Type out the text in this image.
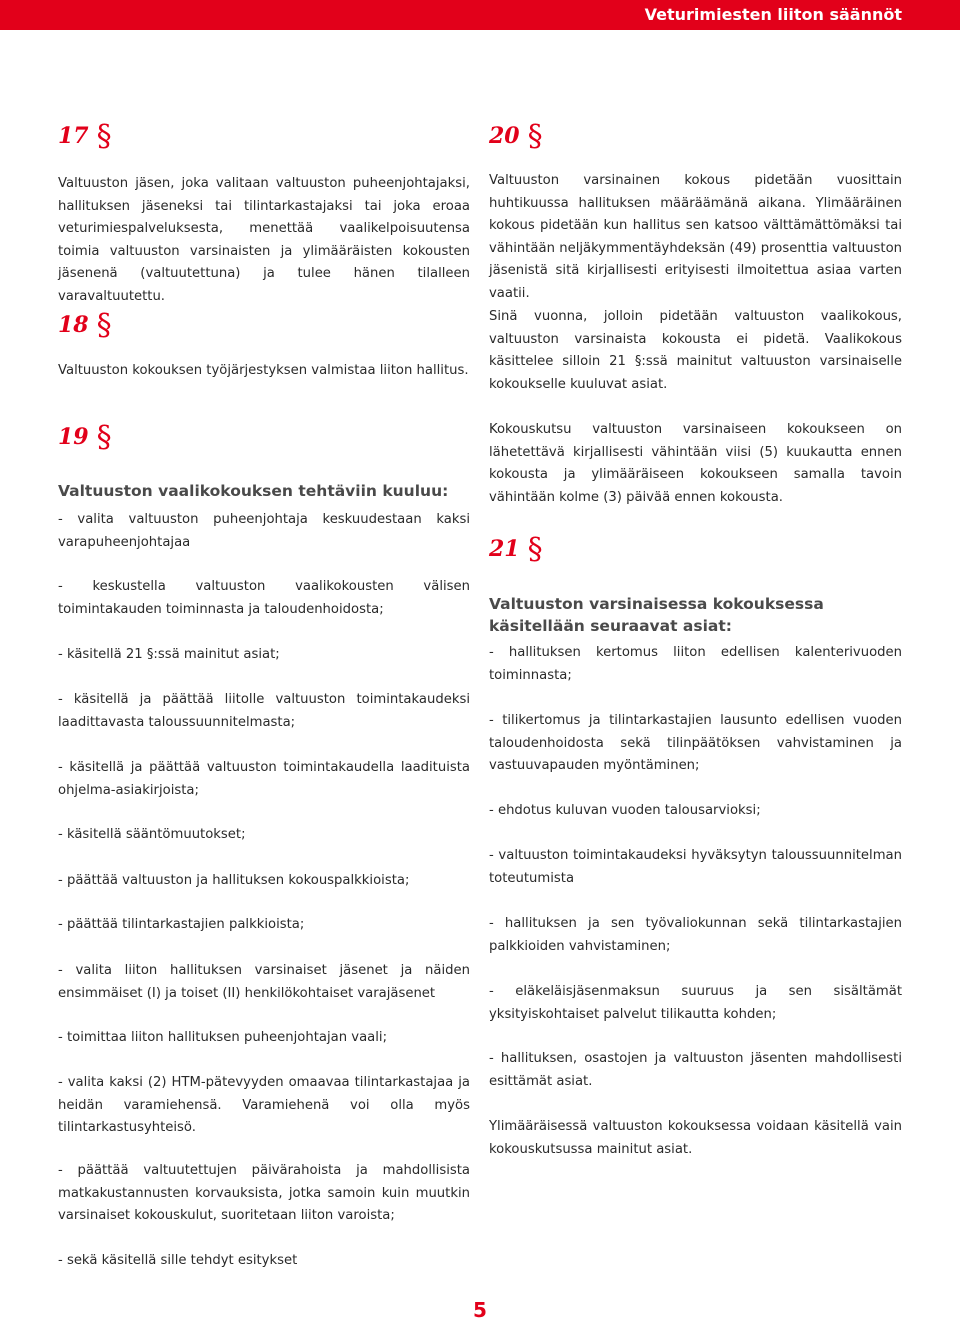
Veturimiesten liiton säännöt
17 §

Valtuuston jäsen, joka valitaan valtuuston puheenjohtajaksi, hallituksen jäseneksi tai tilintarkastajaksi tai joka eroaa veturimiespalveluksesta, menettää vaalikelpoisuutensa toimia valtuuston varsinaisten ja ylimääräisten kokousten jäsenenä (valtuutettuna) ja tulee hänen tilalleen varavaltuutettu.

18 §

Valtuuston kokouksen työjärjestyksen valmistaa liiton hallitus.

19 §
Valtuuston vaalikokouksen tehtäviin kuuluu:

- valita valtuuston puheenjohtaja keskuudestaan kaksi varapuheenjohtajaa

- keskustella valtuuston vaalikokousten välisen toimintakauden toiminnasta ja taloudenhoidosta;

- käsitellä 21 §:ssä mainitut asiat;

- käsitellä ja päättää liitolle valtuuston toimintakaudeksi laadittavasta taloussuunnitelmasta;

- käsitellä ja päättää valtuuston toimintakaudella laadituista ohjelma-asiakirjoista;

- käsitellä sääntömuutokset;

- päättää valtuuston ja hallituksen kokouspalkkioista;

- päättää tilintarkastajien palkkioista;

- valita liiton hallituksen varsinaiset jäsenet ja näiden ensimmäiset (I) ja toiset (II) henkilökohtaiset varajäsenet

- toimittaa liiton hallituksen puheenjohtajan vaali;

- valita kaksi (2) HTM-pätevyyden omaavaa tilintarkastajaa ja heidän varamiehensä. Varamiehenä voi olla myös tilintarkastusyhteisö.

- päättää valtuutettujen päivärahoista ja mahdollisista matkakustannusten korvauksista, jotka samoin kuin muutkin varsinaiset kokouskulut, suoritetaan liiton varoista;

- sekä käsitellä sille tehdyt esitykset

20 §

Valtuuston varsinainen kokous pidetään vuosittain huhtikuussa hallituksen määräämänä aikana. Ylimääräinen kokous pidetään kun hallitus sen katsoo välttämättömäksi tai vähintään neljäkymmentäyhdeksän (49) prosenttia valtuuston jäsenistä sitä kirjallisesti erityisesti ilmoitettua asiaa varten vaatii.

Sinä vuonna, jolloin pidetään valtuuston vaalikokous, valtuuston varsinaista kokousta ei pidetä. Vaalikokous käsittelee silloin 21 §:ssä mainitut valtuuston varsinaiselle kokoukselle kuuluvat asiat.

Kokouskutsu valtuuston varsinaiseen kokoukseen on lähetettävä kirjallisesti vähintään viisi (5) kuukautta ennen kokousta ja ylimääräiseen kokoukseen samalla tavoin vähintään kolme (3) päivää ennen kokousta.

21 §
Valtuuston varsinaisessa kokouksessa käsitellään seuraavat asiat:

- hallituksen kertomus liiton edellisen kalenterivuoden toiminnasta;

- tilikertomus ja tilintarkastajien lausunto edellisen vuoden taloudenhoidosta sekä tilinpäätöksen vahvistaminen ja vastuuvapauden myöntäminen;

- ehdotus kuluvan vuoden talousarvioksi;

- valtuuston toimintakaudeksi hyväksytyn taloussuunnitelman toteutumista

- hallituksen ja sen työvaliokunnan sekä tilintarkastajien palkkioiden vahvistaminen;

- eläkeläisjäsenmaksun suuruus ja sen sisältämät yksityiskohtaiset palvelut tilikautta kohden;

- hallituksen, osastojen ja valtuuston jäsenten mahdollisesti esittämät asiat.

Ylimääräisessä valtuuston kokouksessa voidaan käsitellä vain kokouskutsussa mainitut asiat.

5
